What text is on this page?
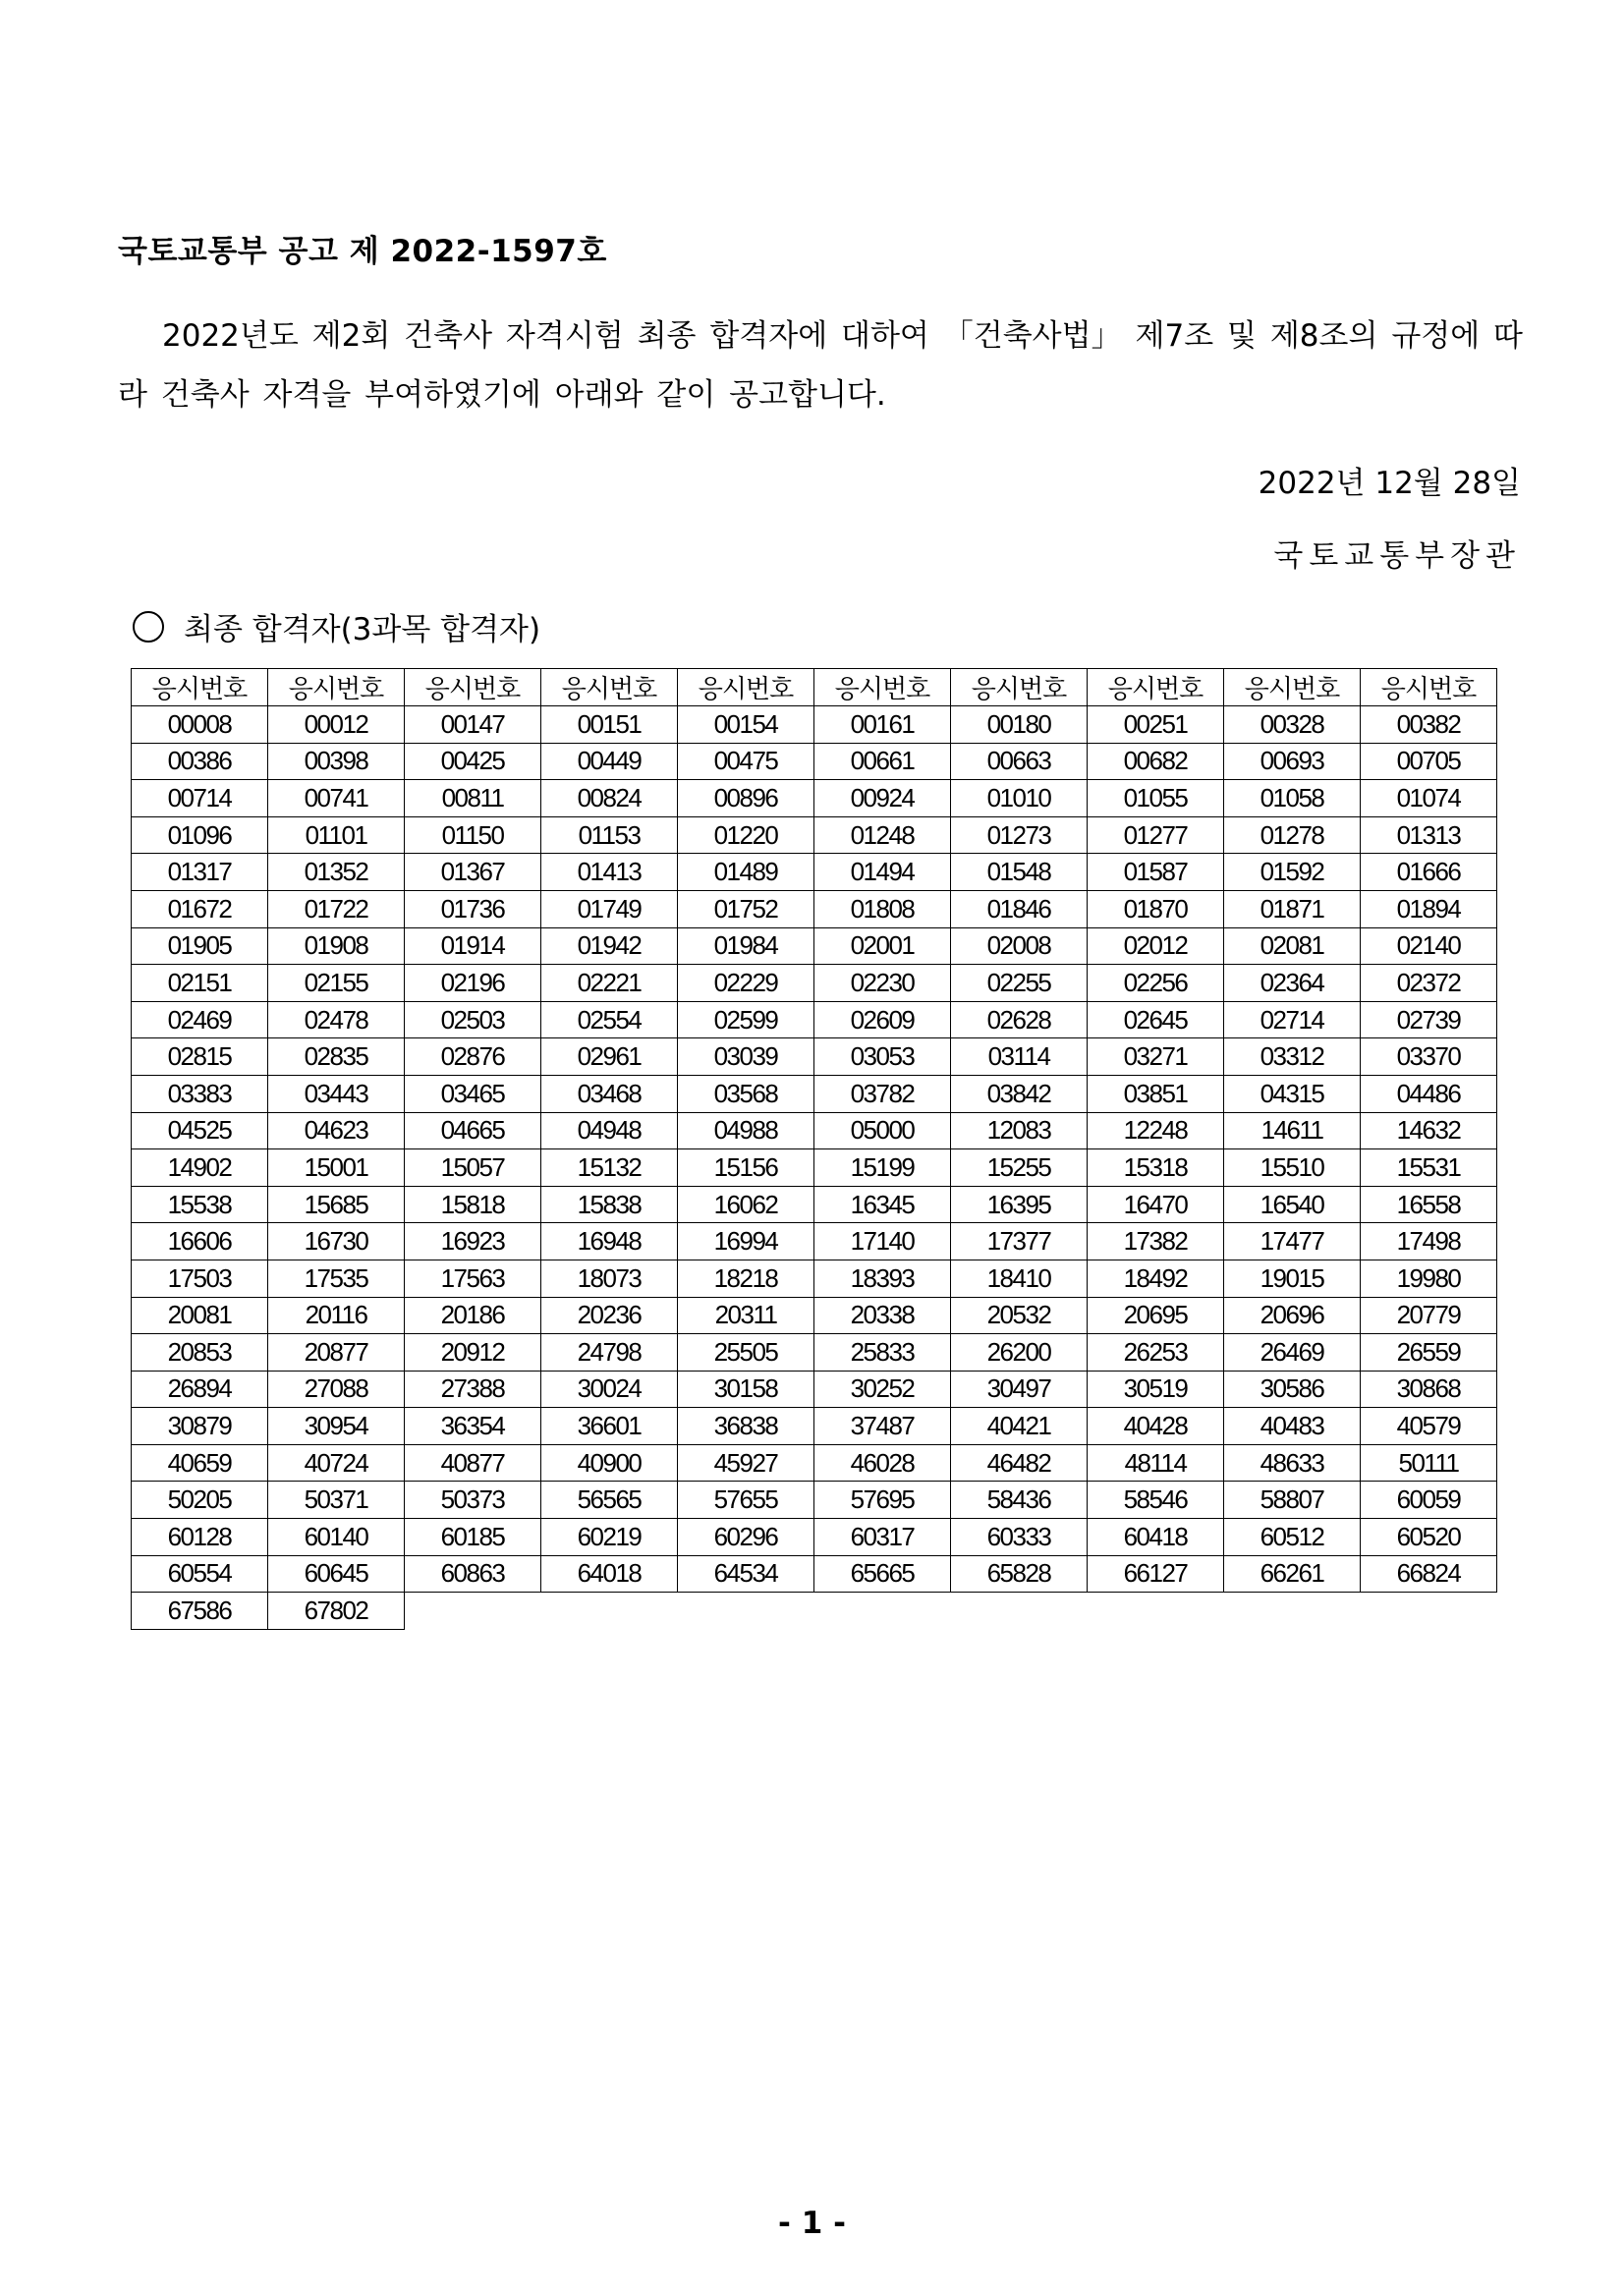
국토교통부 공고 제 2022-1597호
2022년도 제2회 건축사 자격시험 최종 합격자에 대하여 「건축사법」 제7조 및 제8조의 규정에 따라 건축사 자격을 부여하였기에 아래와 같이 공고합니다.
2022년 12월 28일
국토교통부장관
최종 합격자(3과목 합격자)
응시번호	응시번호	응시번호	응시번호	응시번호	응시번호	응시번호	응시번호	응시번호	응시번호
00008	00012	00147	00151	00154	00161	00180	00251	00328	00382
00386	00398	00425	00449	00475	00661	00663	00682	00693	00705
00714	00741	00811	00824	00896	00924	01010	01055	01058	01074
01096	01101	01150	01153	01220	01248	01273	01277	01278	01313
01317	01352	01367	01413	01489	01494	01548	01587	01592	01666
01672	01722	01736	01749	01752	01808	01846	01870	01871	01894
01905	01908	01914	01942	01984	02001	02008	02012	02081	02140
02151	02155	02196	02221	02229	02230	02255	02256	02364	02372
02469	02478	02503	02554	02599	02609	02628	02645	02714	02739
02815	02835	02876	02961	03039	03053	03114	03271	03312	03370
03383	03443	03465	03468	03568	03782	03842	03851	04315	04486
04525	04623	04665	04948	04988	05000	12083	12248	14611	14632
14902	15001	15057	15132	15156	15199	15255	15318	15510	15531
15538	15685	15818	15838	16062	16345	16395	16470	16540	16558
16606	16730	16923	16948	16994	17140	17377	17382	17477	17498
17503	17535	17563	18073	18218	18393	18410	18492	19015	19980
20081	20116	20186	20236	20311	20338	20532	20695	20696	20779
20853	20877	20912	24798	25505	25833	26200	26253	26469	26559
26894	27088	27388	30024	30158	30252	30497	30519	30586	30868
30879	30954	36354	36601	36838	37487	40421	40428	40483	40579
40659	40724	40877	40900	45927	46028	46482	48114	48633	50111
50205	50371	50373	56565	57655	57695	58436	58546	58807	60059
60128	60140	60185	60219	60296	60317	60333	60418	60512	60520
60554	60645	60863	64018	64534	65665	65828	66127	66261	66824
67586	67802								
- 1 -
